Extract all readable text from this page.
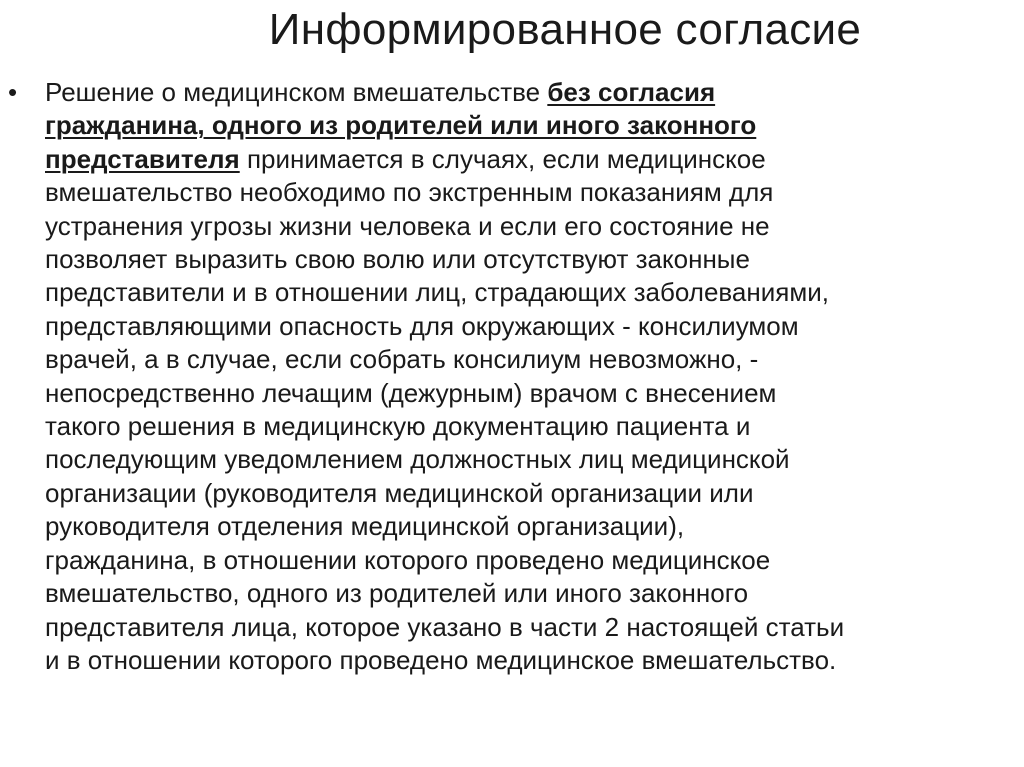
Информированное согласие
• Решение о медицинском вмешательстве без согласия
гражданина, одного из родителей или иного законного
представителя принимается в случаях, если медицинское
вмешательство необходимо по экстренным показаниям для
устранения угрозы жизни человека и если его состояние не
позволяет выразить свою волю или отсутствуют законные
представители и в отношении лиц, страдающих заболеваниями,
представляющими опасность для окружающих - консилиумом
врачей, а в случае, если собрать консилиум невозможно, -
непосредственно лечащим (дежурным) врачом с внесением
такого решения в медицинскую документацию пациента и
последующим уведомлением должностных лиц медицинской
организации (руководителя медицинской организации или
руководителя отделения медицинской организации),
гражданина, в отношении которого проведено медицинское
вмешательство, одного из родителей или иного законного
представителя лица, которое указано в части 2 настоящей статьи
и в отношении которого проведено медицинское вмешательство.
